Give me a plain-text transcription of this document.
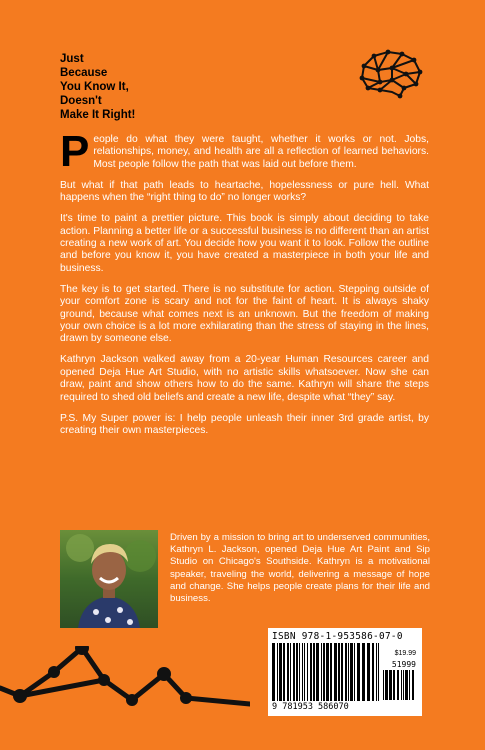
Just
Because
You Know It,
Doesn't
Make It Right!

People do what they were taught, whether it works or not. Jobs, relationships, money, and health are all a reflection of learned behaviors. Most people follow the path that was laid out before them.

But what if that path leads to heartache, hopelessness or pure hell. What happens when the “right thing to do” no longer works?

It's time to paint a prettier picture. This book is simply about deciding to take action. Planning a better life or a successful business is no different than an artist creating a new work of art. You decide how you want it to look. Follow the outline and before you know it, you have created a masterpiece in both your life and business.

The key is to get started. There is no substitute for action. Stepping outside of your comfort zone is scary and not for the faint of heart. It is always shaky ground, because what comes next is an unknown. But the freedom of making your own choice is a lot more exhilarating than the stress of staying in the lines, drawn by someone else.

Kathryn Jackson walked away from a 20-year Human Resources career and opened Deja Hue Art Studio, with no artistic skills whatsoever. Now she can draw, paint and show others how to do the same. Kathryn will share the steps required to shed old beliefs and create a new life, despite what “they” say.

P.S. My Super power is: I help people unleash their inner 3rd grade artist, by creating their own masterpieces.

Driven by a mission to bring art to underserved communities, Kathryn L. Jackson, opened Deja Hue Art Paint and Sip Studio on Chicago's Southside. Kathryn is a motivational speaker, traveling the world, delivering a message of hope and change. She helps people create plans for their life and business.
ISBN 978-1-953586-07-0
$19.99
51999
9 781953 586070
